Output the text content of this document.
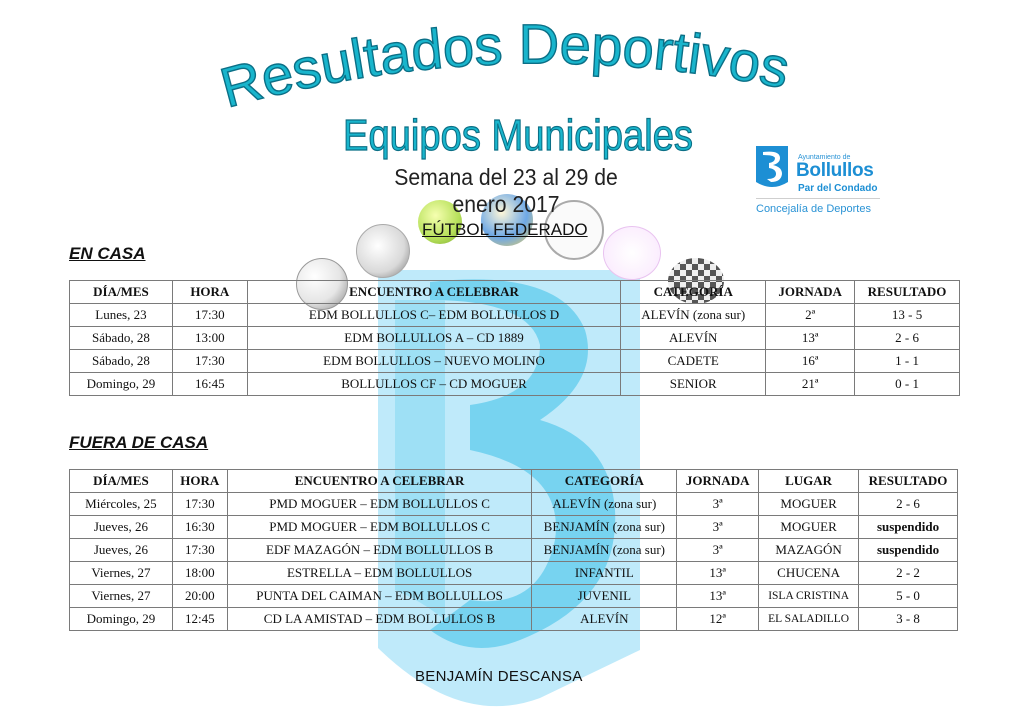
Resultados Deportivos
Equipos Municipales
Semana del 23 al 29 de enero 2017
Ayuntamiento de
Bollullos
Par del Condado
Concejalía de Deportes
FÚTBOL FEDERADO
EN CASA
DÍA/MES	HORA	ENCUENTRO A CELEBRAR	CATEGORÍA	JORNADA	RESULTADO
Lunes, 23	17:30	EDM BOLLULLOS C– EDM BOLLULLOS D	ALEVÍN (zona sur)	2ª	13 - 5
Sábado, 28	13:00	EDM BOLLULLOS A – CD 1889	ALEVÍN	13ª	2 - 6
Sábado, 28	17:30	EDM BOLLULLOS – NUEVO MOLINO	CADETE	16ª	1 - 1
Domingo, 29	16:45	BOLLULLOS CF – CD MOGUER	SENIOR	21ª	0 - 1
FUERA DE CASA
DÍA/MES	HORA	ENCUENTRO A CELEBRAR	CATEGORÍA	JORNADA	LUGAR	RESULTADO
Miércoles, 25	17:30	PMD MOGUER – EDM BOLLULLOS C	ALEVÍN (zona sur)	3ª	MOGUER	2 - 6
Jueves, 26	16:30	PMD MOGUER – EDM BOLLULLOS C	BENJAMÍN (zona sur)	3ª	MOGUER	suspendido
Jueves, 26	17:30	EDF MAZAGÓN – EDM BOLLULLOS B	BENJAMÍN (zona sur)	3ª	MAZAGÓN	suspendido
Viernes, 27	18:00	ESTRELLA – EDM BOLLULLOS	INFANTIL	13ª	CHUCENA	2 - 2
Viernes, 27	20:00	PUNTA DEL CAIMAN – EDM BOLLULLOS	JUVENIL	13ª	ISLA CRISTINA	5 - 0
Domingo, 29	12:45	CD LA AMISTAD – EDM BOLLULLOS B	ALEVÍN	12ª	EL SALADILLO	3 - 8
BENJAMÍN DESCANSA
